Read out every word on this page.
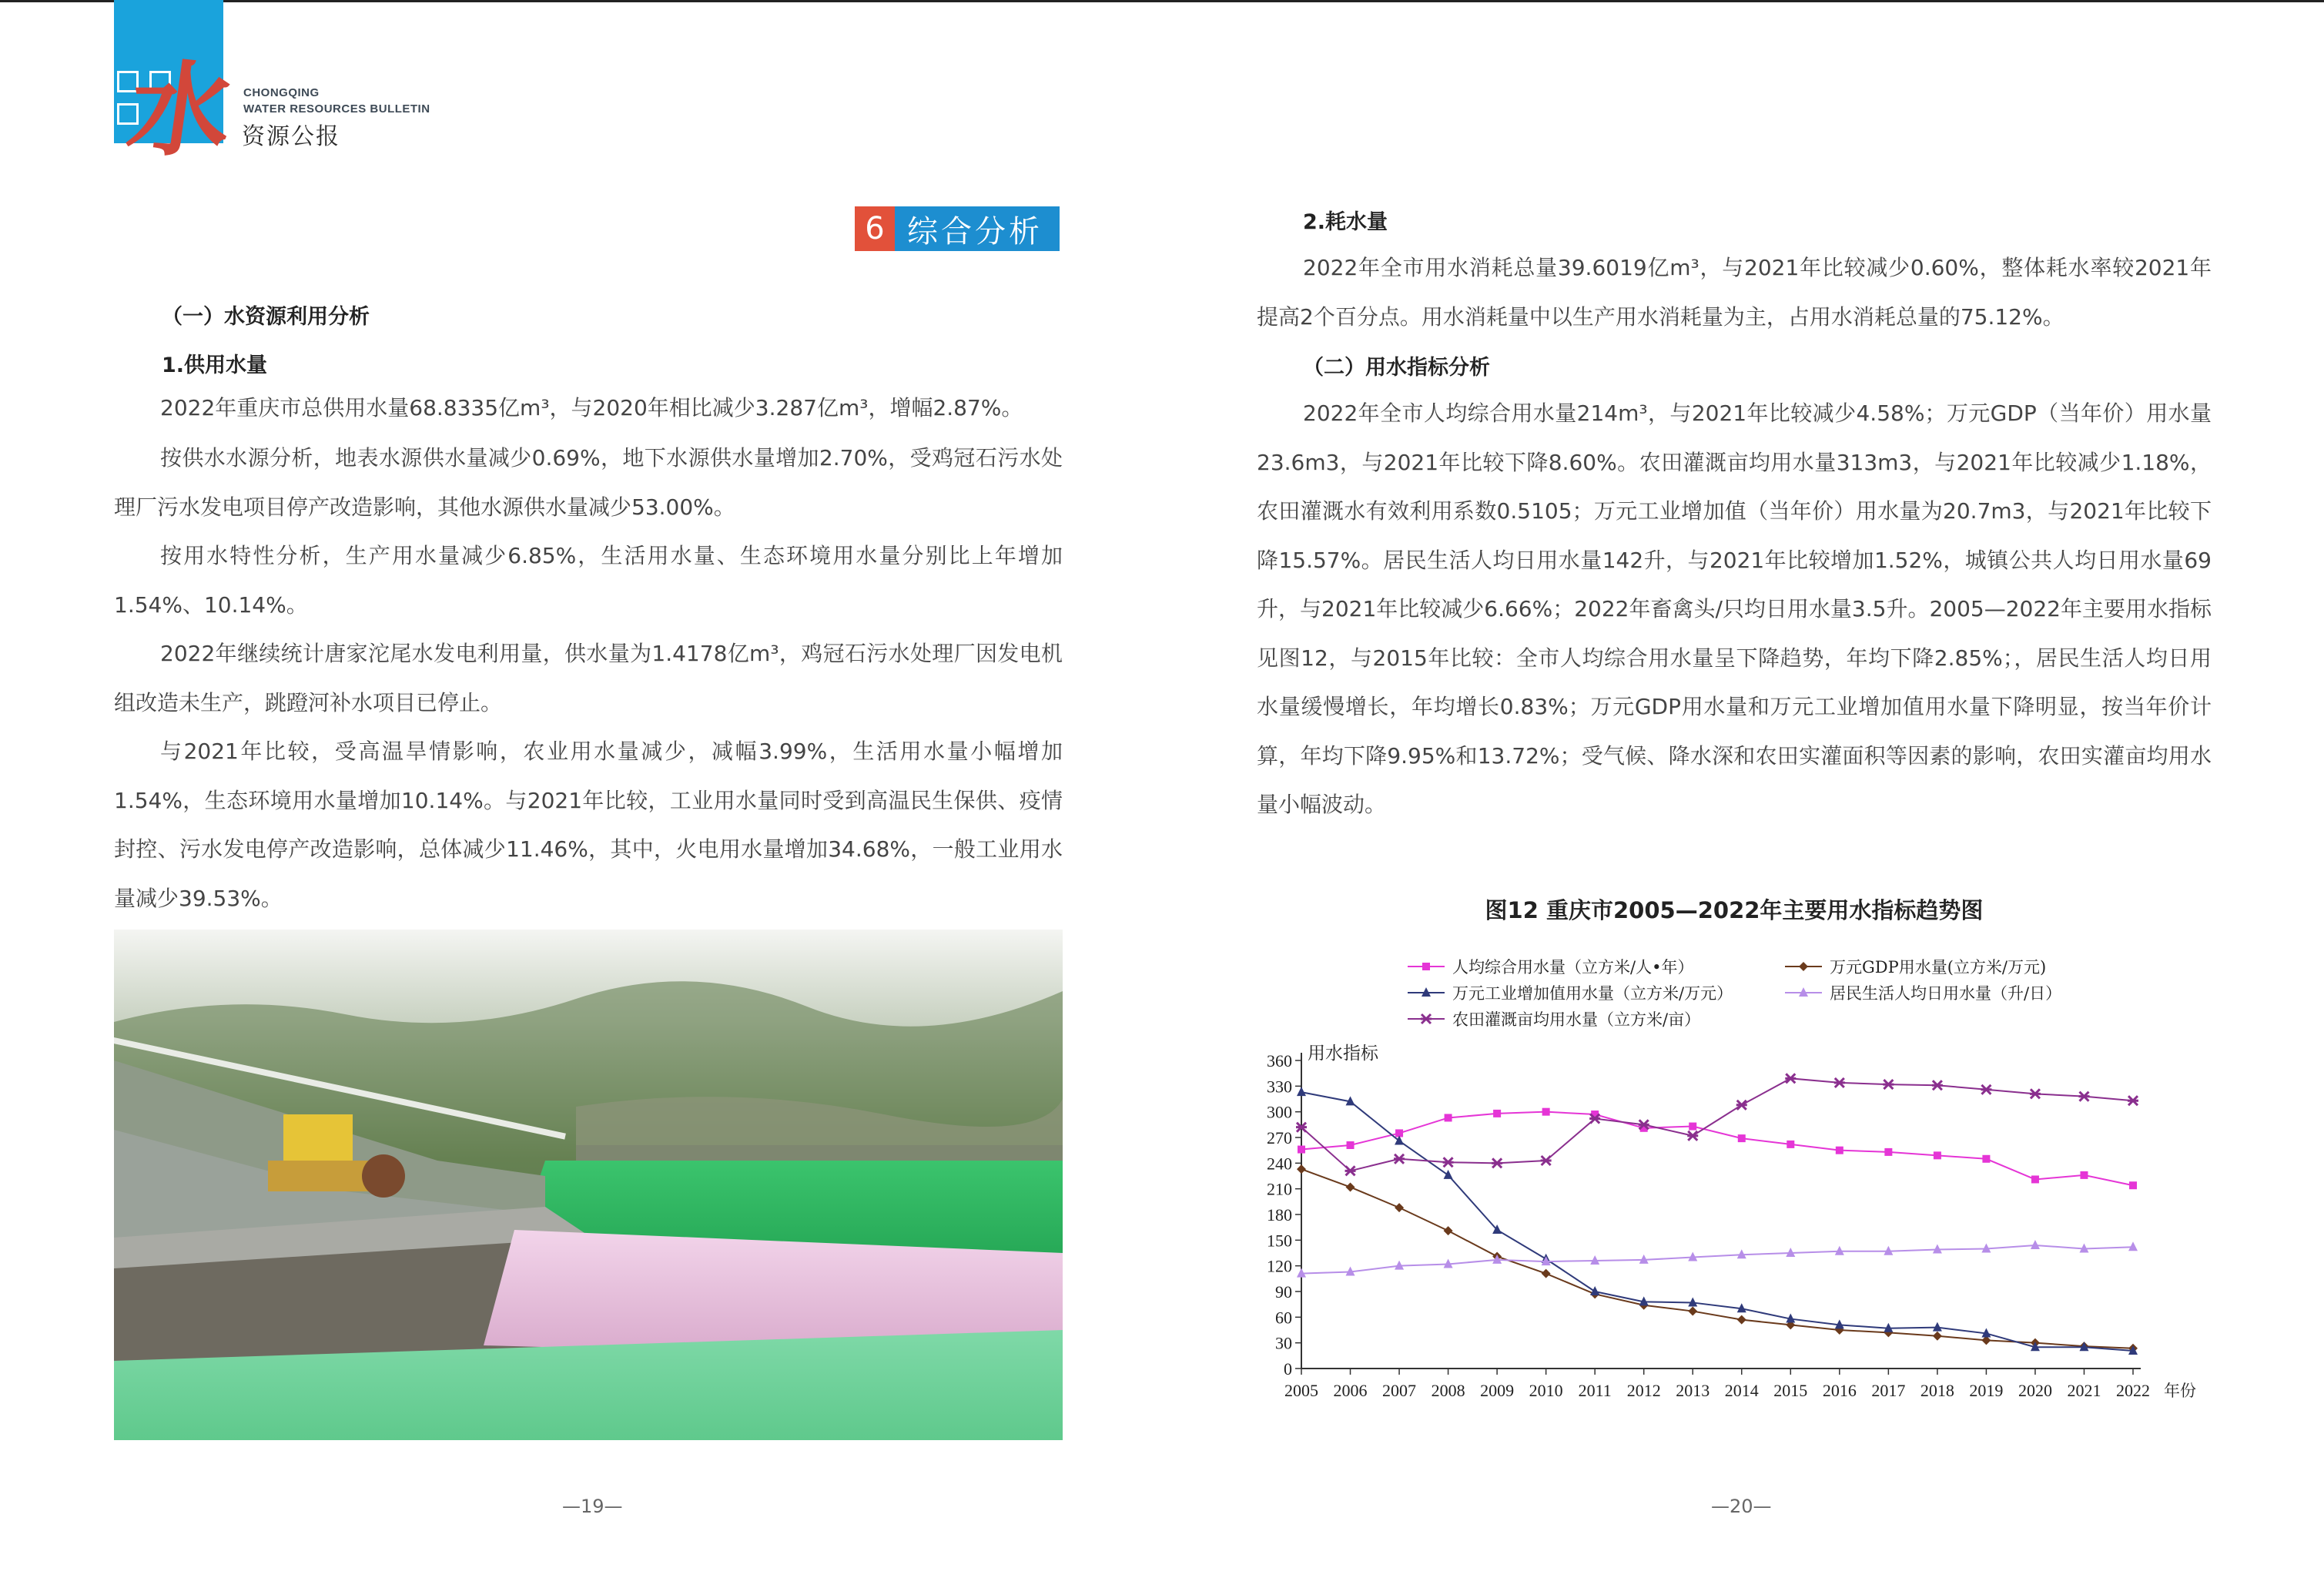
水 CHONGQING
WATER RESOURCES BULLETIN
资源公报
6 综合分析
（一）水资源利用分析
1.供用水量

2022年重庆市总供用水量68.8335亿m³，与2020年相比减少3.287亿m³，增幅2.87%。

按供水水源分析，地表水源供水量减少0.69%，地下水源供水量增加2.70%，受鸡冠石污水处理厂污水发电项目停产改造影响，其他水源供水量减少53.00%。

按用水特性分析，生产用水量减少6.85%，生活用水量、生态环境用水量分别比上年增加1.54%、10.14%。

2022年继续统计唐家沱尾水发电利用量，供水量为1.4178亿m³，鸡冠石污水处理厂因发电机组改造未生产，跳蹬河补水项目已停止。

与2021年比较，受高温旱情影响，农业用水量减少，减幅3.99%，生活用水量小幅增加1.54%，生态环境用水量增加10.14%。与2021年比较，工业用水量同时受到高温民生保供、疫情封控、污水发电停产改造影响，总体减少11.46%，其中，火电用水量增加34.68%，一般工业用水量减少39.53%。

—19—
2.耗水量

2022年全市用水消耗总量39.6019亿m³，与2021年比较减少0.60%，整体耗水率较2021年提高2个百分点。用水消耗量中以生产用水消耗量为主，占用水消耗总量的75.12%。

（二）用水指标分析

2022年全市人均综合用水量214m³，与2021年比较减少4.58%；万元GDP（当年价）用水量23.6m3，与2021年比较下降8.60%。农田灌溉亩均用水量313m3，与2021年比较减少1.18%，农田灌溉水有效利用系数0.5105；万元工业增加值（当年价）用水量为20.7m3，与2021年比较下降15.57%。居民生活人均日用水量142升，与2021年比较增加1.52%，城镇公共人均日用水量69升，与2021年比较减少6.66%；2022年畜禽头/只均日用水量3.5升。2005—2022年主要用水指标见图12，与2015年比较：全市人均综合用水量呈下降趋势，年均下降2.85%；，居民生活人均日用水量缓慢增长，年均增长0.83%；万元GDP用水量和万元工业增加值用水量下降明显，按当年价计算，年均下降9.95%和13.72%；受气候、降水深和农田实灌面积等因素的影响，农田实灌亩均用水量小幅波动。

图12 重庆市2005—2022年主要用水指标趋势图
0
30
60
90
120
150
180
210
240
270
300
330
360
2005 2006 2007 2008 2009 2010 2011 2012 2013 2014 2015 2016 2017 2018 2019 2020 2021 2022
用水指标
年份
人均综合用水量（立方米/人•年）	万元GDP用水量(立方米/万元)
万元工业增加值用水量（立方米/万元）	居民生活人均日用水量（升/日）
农田灌溉亩均用水量（立方米/亩）
—20—
